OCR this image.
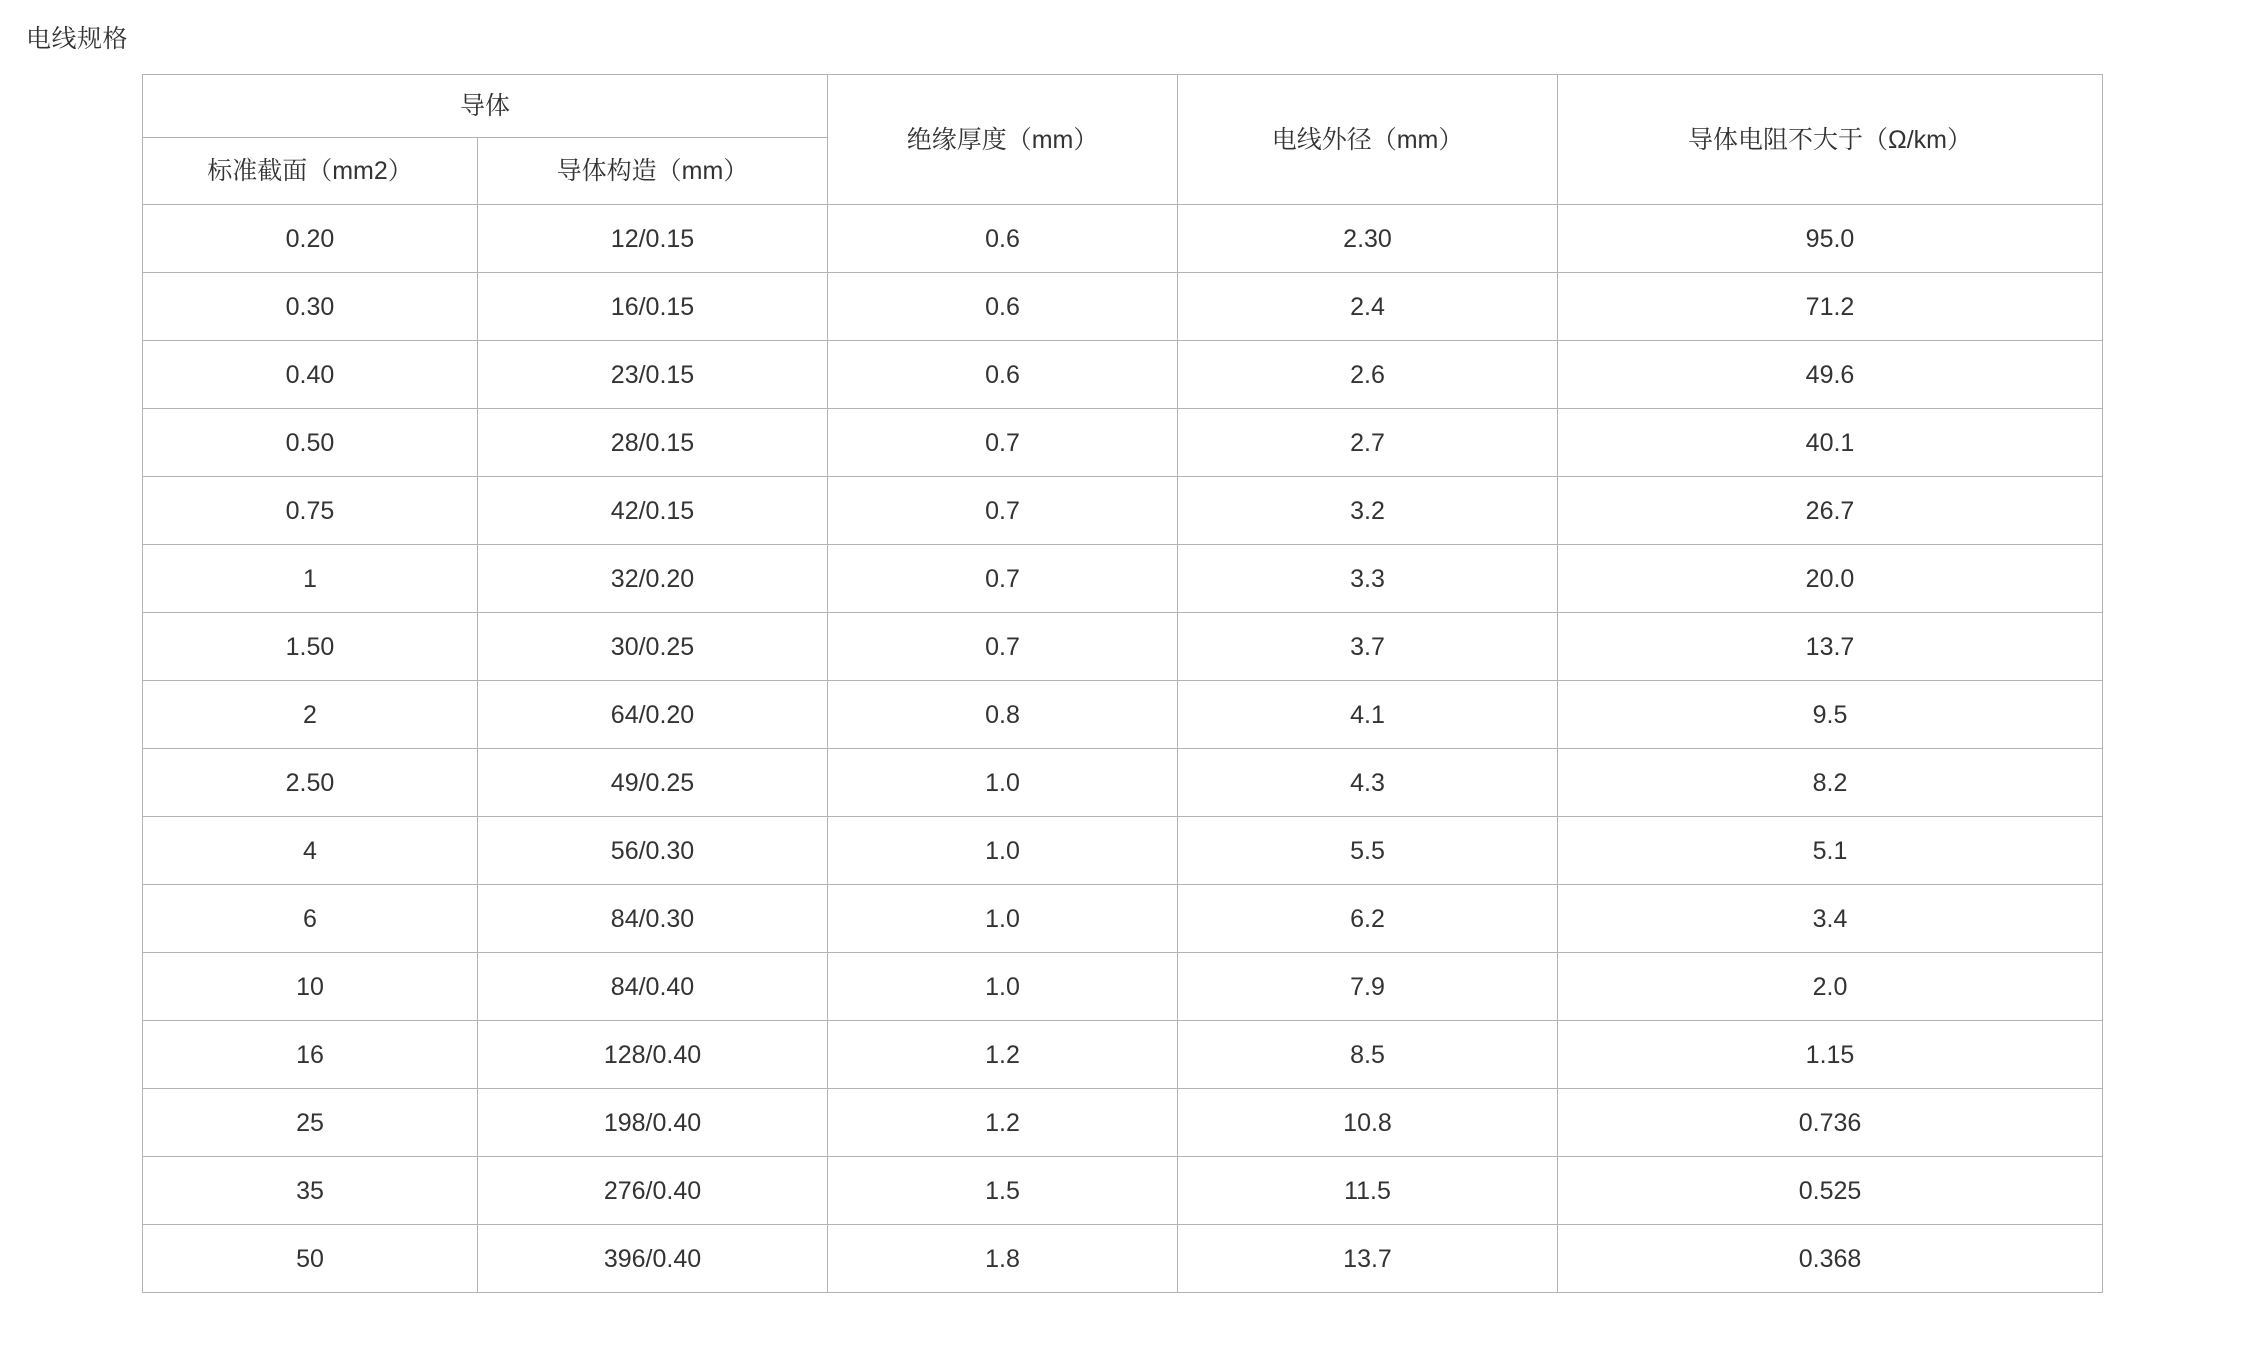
电线规格
导体		绝缘厚度（mm）	电线外径（mm）	导体电阻不大于（Ω/km）

标准截面（mm2）	导体构造（mm）			

0.20	12/0.15	0.6	2.30	95.0

0.30	16/0.15	0.6	2.4	71.2

0.40	23/0.15	0.6	2.6	49.6

0.50	28/0.15	0.7	2.7	40.1

0.75	42/0.15	0.7	3.2	26.7

1	32/0.20	0.7	3.3	20.0

1.50	30/0.25	0.7	3.7	13.7

2	64/0.20	0.8	4.1	9.5

2.50	49/0.25	1.0	4.3	8.2

4	56/0.30	1.0	5.5	5.1

6	84/0.30	1.0	6.2	3.4

10	84/0.40	1.0	7.9	2.0

16	128/0.40	1.2	8.5	1.15

25	198/0.40	1.2	10.8	0.736

35	276/0.40	1.5	11.5	0.525

50	396/0.40	1.8	13.7	0.368
